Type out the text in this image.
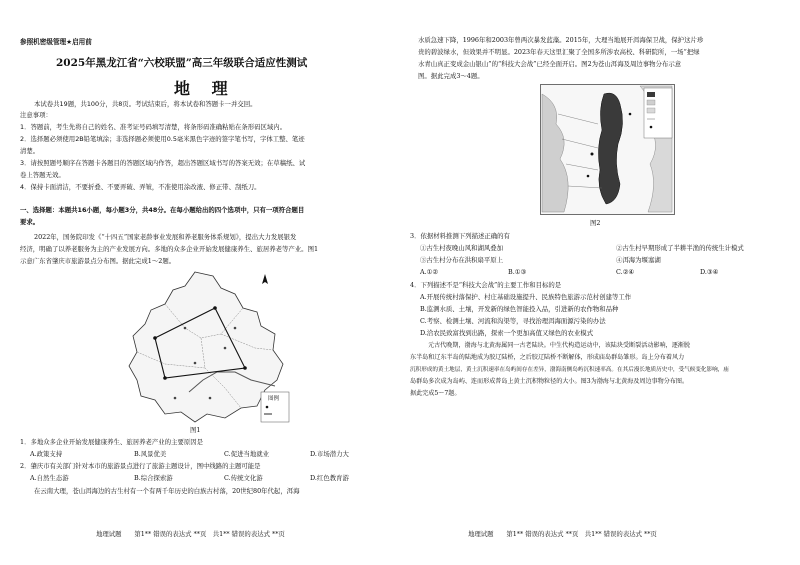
参照机密级管理★启用前
2025年黑龙江省“六校联盟”高三年级联合适应性测试
地 理
本试卷共19题，共100分，共8页。考试结束后，将本试卷和答题卡一并交回。
注意事项：
1．答题前，考生先将自己的姓名、准考证号码填写清楚，将条形码准确粘贴在条形码区域内。
2．选择题必须使用2B铅笔填涂；非选择题必须使用0.5毫米黑色字迹的签字笔书写，字体工整、笔迹
清楚。
3．请按照题号顺序在答题卡各题目的答题区域内作答，超出答题区域书写的答案无效；在草稿纸、试
卷上答题无效。
4．保持卡面清洁，不要折叠、不要弄破、弄皱，不准使用涂改液、修正带、刮纸刀。
一、选择题：本题共16小题，每小题3分，共48分。在每小题给出的四个选项中，只有一项符合题目
要求。
2022年，国务院印发《“十四五”国家老龄事业发展和养老服务体系规划》，提出大力发展银发
经济，明确了以养老服务为主的产业发展方向。多地的众多企业开始发展健康养生、旅居养老等产业。图1
示意广东省肇庆市旅游景点分布图。据此完成1～2题。
图例
图1
1．多地众多企业开始发展健康养生、旅居养老产业的主要原因是
A.政策支持	B.风景优美	C.促进当地就业	D.市场潜力大
2．肇庆市有关部门针对本市的旅游景点进行了旅游主题设计，图中线路的主题可能是
A.自然生态游	B.综合探索游	C.传统文化游	D.红色教育游
在云南大理，苍山洱海边的古生村有一个有两千年历史的白族古村落，20世纪80年代起，洱海
地理试题　　第1** 错误的表达式 **页　共1** 错误的表达式 **页
水质急速下降，1996年和2003年曾两次暴发蓝藻。2015年，大理当地展开洱海保卫战，保护这片珍
贵的碧波绿水，但效果并不明显。2023年春天这里汇聚了全国多所涉农高校、科研院所，一场“把绿
水青山真正变成金山银山”的“科技大会战”已经全面开启。图2为苍山洱海及周边事物分布示意
图。据此完成3～4题。
图2
3．依据材料推测下列描述正确的有
①古生村夜晚山风和湖风叠加	②古生村早期形成了半耕半渔的传统生计模式
③古生村分布在洪积扇平原上	④洱海为堰塞湖
A.①②	B.①③	C.②④	D.③④
4．下列描述不是“科技大会战”的主要工作和目标的是
A.开展传统村落保护、村庄基础设施提升、民族特色旅游示范村创建等工作
B.监测水质、土壤，开发新的绿色智能投入品，引进新的农作物和品种
C.考察、检测土壤、河流和沟渠等，寻找治理洱海面源污染的办法
D.洽农民致富找到出路，探索一个更加高值又绿色的农业模式
元古代晚期，渤海与北黄海属同一古老陆块。中生代构造运动中，该陆块受断裂活动影响，逐渐脱
东半岛和辽东半岛的陆地成为胶辽陆桥，之后胶辽陆桥不断解体，形成庙岛群岛雏形。岛上分布着风力
沉积形成的黄土地层，黄土沉积速率在岛屿间存在差异，渤海南侧岛屿沉积速率高。在其后漫长地质历史中，受气候变化影响，庙
岛群岛多次成为岛屿、连而形成普岛上黄土沉积物粒径的大小。图3为渤海与北黄海及周边事物分布图。
据此完成5～7题。
地理试题　　第1** 错误的表达式 **页　共1** 错误的表达式 **页
